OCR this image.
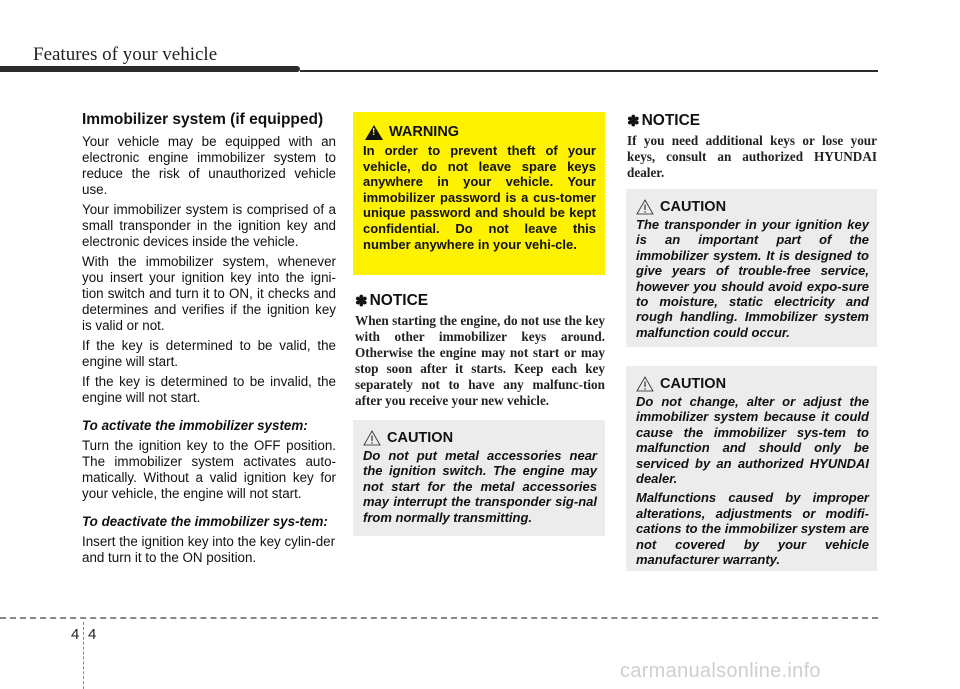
Features of your vehicle
Immobilizer system (if equipped)

Your vehicle may be equipped with an electronic engine immobilizer system to reduce the risk of unauthorized vehicle use.

Your immobilizer system is comprised of a small transponder in the ignition key and electronic devices inside the vehicle.

With the immobilizer system, whenever you insert your ignition key into the igni-tion switch and turn it to ON, it checks and determines and verifies if the ignition key is valid or not.

If the key is determined to be valid, the engine will start.

If the key is determined to be invalid, the engine will not start.

To activate the immobilizer system:

Turn the ignition key to the OFF position. The immobilizer system activates auto-matically. Without a valid ignition key for your vehicle, the engine will not start.

To deactivate the immobilizer sys-tem:

Insert the ignition key into the key cylin-der and turn it to the ON position.

!
WARNING
In order to prevent theft of your vehicle, do not leave spare keys anywhere in your vehicle. Your immobilizer password is a cus-tomer unique password and should be kept confidential. Do not leave this number anywhere in your vehi-cle.
✽ NOTICE
When starting the engine, do not use the key with other immobilizer keys around. Otherwise the engine may not start or may stop soon after it starts. Keep each key separately not to have any malfunc-tion after you receive your new vehicle.
CAUTION
Do not put metal accessories near the ignition switch. The engine may not start for the metal accessories may interrupt the transponder sig-nal from normally transmitting.
✽ NOTICE
If you need additional keys or lose your keys, consult an authorized HYUNDAI dealer.
CAUTION
The transponder in your ignition key is an important part of the immobilizer system. It is designed to give years of trouble-free service, however you should avoid expo-sure to moisture, static electricity and rough handling. Immobilizer system malfunction could occur.
CAUTION

Do not change, alter or adjust the immobilizer system because it could cause the immobilizer sys-tem to malfunction and should only be serviced by an authorized HYUNDAI dealer.

Malfunctions caused by improper alterations, adjustments or modifi-cations to the immobilizer system are not covered by your vehicle manufacturer warranty.

4 4
carmanualsonline.info
